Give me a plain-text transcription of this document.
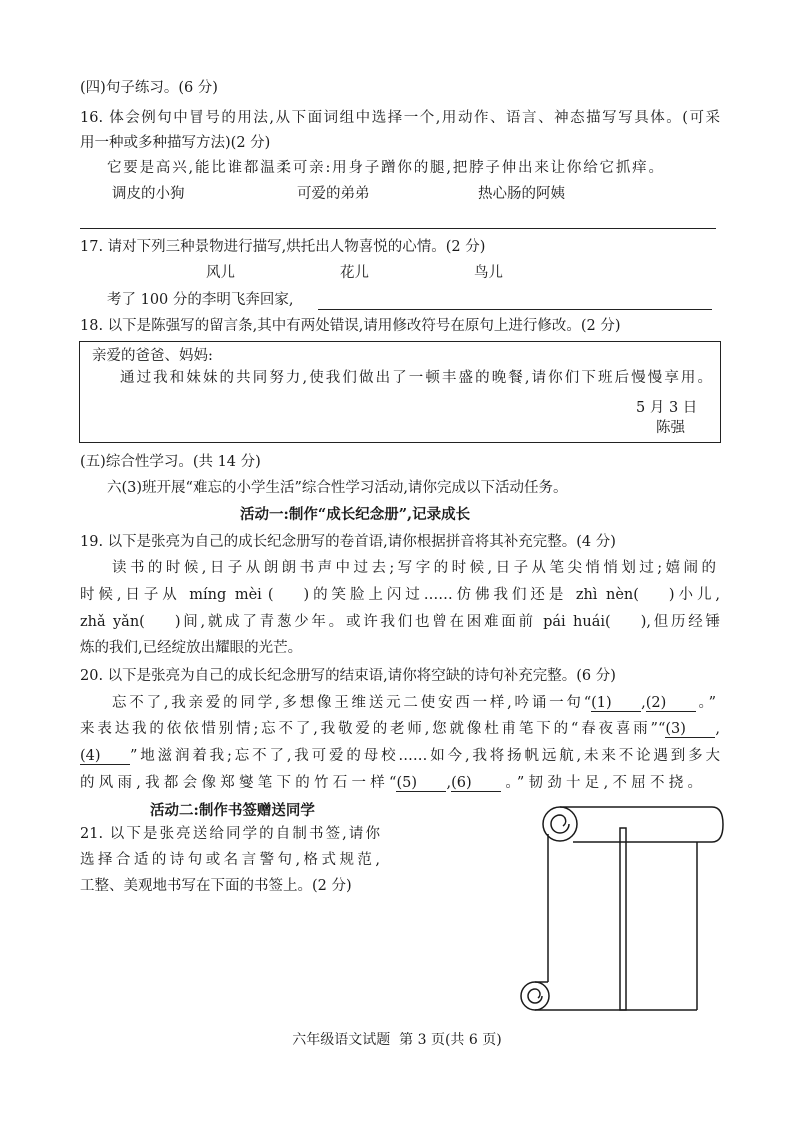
(四)句子练习。(6 分)
16. 体会例句中冒号的用法,从下面词组中选择一个,用动作、语言、神态描写写具体。(可采
用一种或多种描写方法)(2 分)
它要是高兴,能比谁都温柔可亲:用身子蹭你的腿,把脖子伸出来让你给它抓痒。
调皮的小狗	可爱的弟弟	热心肠的阿姨
17. 请对下列三种景物进行描写,烘托出人物喜悦的心情。(2 分)
风儿	花儿	鸟儿
考了 100 分的李明飞奔回家,
18. 以下是陈强写的留言条,其中有两处错误,请用修改符号在原句上进行修改。(2 分)
亲爱的爸爸、妈妈:
通过我和妹妹的共同努力,使我们做出了一顿丰盛的晚餐,请你们下班后慢慢享用。
5 月 3 日
陈强
(五)综合性学习。(共 14 分)
六(3)班开展“难忘的小学生活”综合性学习活动,请你完成以下活动任务。
活动一:制作“成长纪念册”,记录成长
19. 以下是张亮为自己的成长纪念册写的卷首语,请你根据拼音将其补充完整。(4 分)
读书的时候,日子从朗朗书声中过去;写字的时候,日子从笔尖悄悄划过;嬉闹的
时候,日子从 míng mèi ( )的笑脸上闪过……仿佛我们还是 zhì nèn( )小儿,
zhǎ yǎn( )间,就成了青葱少年。或许我们也曾在困难面前 pái huái( ),但历经锤
炼的我们,已经绽放出耀眼的光芒。
20. 以下是张亮为自己的成长纪念册写的结束语,请你将空缺的诗句补充完整。(6 分)
忘不了,我亲爱的同学,多想像王维送元二使安西一样,吟诵一句“(1) ,(2) 。”
来表达我的依依惜别情;忘不了,我敬爱的老师,您就像杜甫笔下的“春夜喜雨”“(3) ,
(4) ”地滋润着我;忘不了,我可爱的母校……如今,我将扬帆远航,未来不论遇到多大
的风雨,我都会像郑燮笔下的竹石一样“(5) ,(6) 。”韧劲十足,不屈不挠。
活动二:制作书签赠送同学
21. 以下是张亮送给同学的自制书签,请你
选择合适的诗句或名言警句,格式规范,
工整、美观地书写在下面的书签上。(2 分)
六年级语文试题  第 3 页(共 6 页)
